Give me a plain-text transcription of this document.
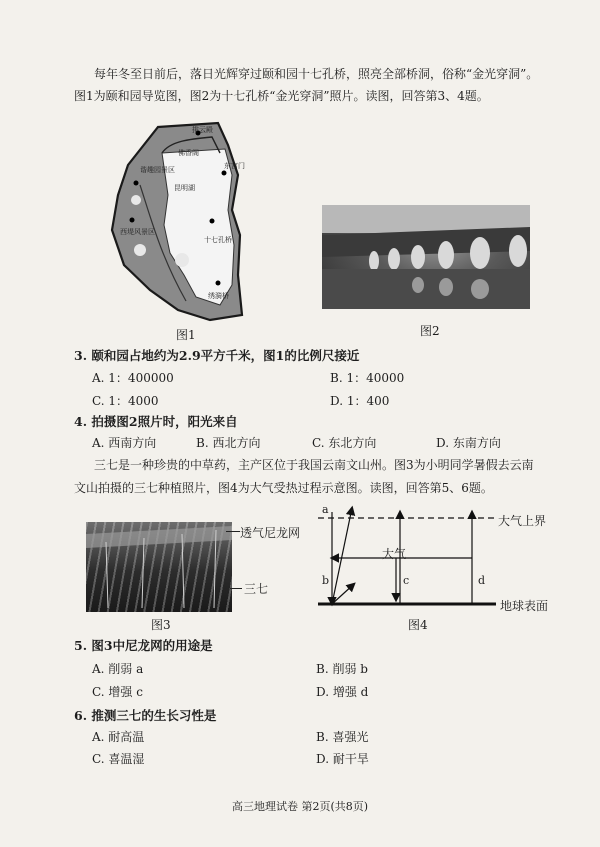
每年冬至日前后，落日光辉穿过颐和园十七孔桥，照亮全部桥洞，俗称“金光穿洞”。
图1为颐和园导览图，图2为十七孔桥“金光穿洞”照片。读图，回答第3、4题。
排云殿
佛香阁
东宫门
谐趣园景区
昆明湖
西堤风景区
十七孔桥
绣漪桥
图1	图2
3. 颐和园占地约为2.9平方千米，图1的比例尺接近
A. 1：400000	B. 1：40000
C. 1：4000	D. 1：400
4. 拍摄图2照片时，阳光来自
A. 西南方向	B. 西北方向	C. 东北方向	D. 东南方向
三七是一种珍贵的中草药，主产区位于我国云南文山州。图3为小明同学暑假去云南
文山拍摄的三七种植照片，图4为大气受热过程示意图。读图，回答第5、6题。
透气尼龙网
三七
图3
a
b	c	d
大气
大气上界
地球表面
图4
5. 图3中尼龙网的用途是
A. 削弱 a	B. 削弱 b
C. 增强 c	D. 增强 d
6. 推测三七的生长习性是
A. 耐高温	B. 喜强光
C. 喜温湿	D. 耐干旱
高三地理试卷 第2页(共8页)
